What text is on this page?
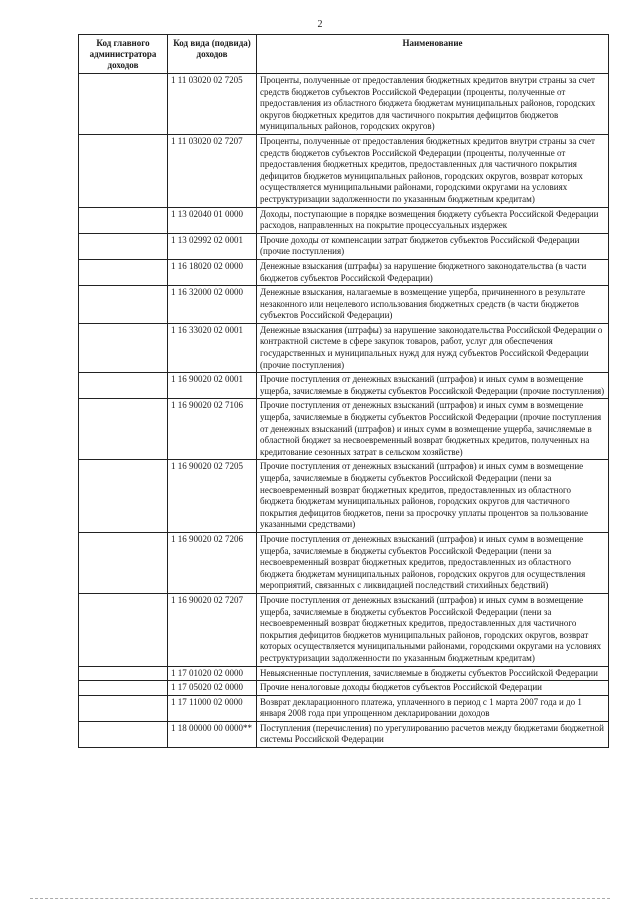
2
Код главного администратора доходов	Код вида (подвида) доходов	Наименование
	1 11 03020 02 7205	Проценты, полученные от предоставления бюджетных кредитов внутри страны за счет средств бюджетов субъектов Российской Федерации (проценты, полученные от предоставления из областного бюджета бюджетам муниципальных районов, городских округов бюджетных кредитов для частичного покрытия дефицитов бюджетов муниципальных районов, городских округов)
	1 11 03020 02 7207	Проценты, полученные от предоставления бюджетных кредитов внутри страны за счет средств бюджетов субъектов Российской Федерации (проценты, полученные от предоставления бюджетных кредитов, предоставленных для частичного покрытия дефицитов бюджетов муниципальных районов, городских округов, возврат которых осуществляется муниципальными районами, городскими округами на условиях реструктуризации задолженности по указанным бюджетным кредитам)
	1 13 02040 01 0000	Доходы, поступающие в порядке возмещения бюджету субъекта Российской Федерации расходов, направленных на покрытие процессуальных издержек
	1 13 02992 02 0001	Прочие доходы от компенсации затрат бюджетов субъектов Российской Федерации (прочие поступления)
	1 16 18020 02 0000	Денежные взыскания (штрафы) за нарушение бюджетного законодательства (в части бюджетов субъектов Российской Федерации)
	1 16 32000 02 0000	Денежные взыскания, налагаемые в возмещение ущерба, причиненного в результате незаконного или нецелевого использования бюджетных средств (в части бюджетов субъектов Российской Федерации)
	1 16 33020 02 0001	Денежные взыскания (штрафы) за нарушение законодательства Российской Федерации о контрактной системе в сфере закупок товаров, работ, услуг для обеспечения государственных и муниципальных нужд для нужд субъектов Российской Федерации (прочие поступления)
	1 16 90020 02 0001	Прочие поступления от денежных взысканий (штрафов) и иных сумм в возмещение ущерба, зачисляемые в бюджеты субъектов Российской Федерации (прочие поступления)
	1 16 90020 02 7106	Прочие поступления от денежных взысканий (штрафов) и иных сумм в возмещение ущерба, зачисляемые в бюджеты субъектов Российской Федерации (прочие поступления от денежных взысканий (штрафов) и иных сумм в возмещение ущерба, зачисляемые в областной бюджет за несвоевременный возврат бюджетных кредитов, полученных на кредитование сезонных затрат в сельском хозяйстве)
	1 16 90020 02 7205	Прочие поступления от денежных взысканий (штрафов) и иных сумм в возмещение ущерба, зачисляемые в бюджеты субъектов Российской Федерации (пени за несвоевременный возврат бюджетных кредитов, предоставленных из областного бюджета бюджетам муниципальных районов, городских округов для частичного покрытия дефицитов бюджетов, пени за просрочку уплаты процентов за пользование указанными средствами)
	1 16 90020 02 7206	Прочие поступления от денежных взысканий (штрафов) и иных сумм в возмещение ущерба, зачисляемые в бюджеты субъектов Российской Федерации (пени за несвоевременный возврат бюджетных кредитов, предоставленных из областного бюджета бюджетам муниципальных районов, городских округов для осуществления мероприятий, связанных с ликвидацией последствий стихийных бедствий)
	1 16 90020 02 7207	Прочие поступления от денежных взысканий (штрафов) и иных сумм в возмещение ущерба, зачисляемые в бюджеты субъектов Российской Федерации (пени за несвоевременный возврат бюджетных кредитов, предоставленных для частичного покрытия дефицитов бюджетов муниципальных районов, городских округов, возврат которых осуществляется муниципальными районами, городскими округами на условиях реструктуризации задолженности по указанным бюджетным кредитам)
	1 17 01020 02 0000	Невыясненные поступления, зачисляемые в бюджеты субъектов Российской Федерации
	1 17 05020 02 0000	Прочие неналоговые доходы бюджетов субъектов Российской Федерации
	1 17 11000 02 0000	Возврат декларационного платежа, уплаченного в период с 1 марта 2007 года и до 1 января 2008 года при упрощенном декларировании доходов
	1 18 00000 00 0000**	Поступления (перечисления) по урегулированию расчетов между бюджетами бюджетной системы Российской Федерации
